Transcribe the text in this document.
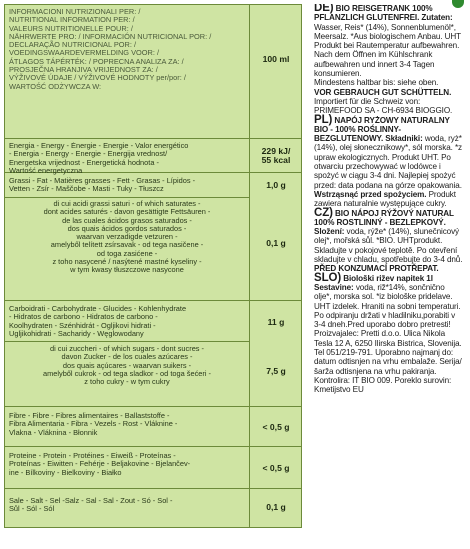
INFORMACIONI NUTRIZIONALI PER: /
NUTRITIONAL INFORMATION PER: /
VALEURS NUTRITIONELLE POUR: /
NÄHRWERTE PRO: / INFORMACIÓN NUTRICIONAL POR: /
DECLARAÇÃO NUTRICIONAL POR: /
VOEDINGSWAARDEVERMELDING VOOR: /
ÁTLAGOS TÁPÉRTÉK: / POPRECNA ANALIZA ZA: /
PROSJEČNA HRANJIVA VRIJEDNOST ZA: /
VÝŽIVOVÉ ÚDAJE / VÝŽIVOVÉ HODNOTY per/por: /
WARTOŚĆ ODŻYWCZA W:
100 ml
Energia - Energy - Énergie - Energie - Valor energético
- Energia - Energy - Energie - Energija vrednost/
Energetska vrijednost - Energetická hodnota -
Wartość energetyczna
229 kJ/
55 kcal
Grassi - Fat - Matières grasses - Fett - Grasas - Lípidos -
Vetten - Zsír - Maščobe - Masti - Tuky - Tłuszcz
di cui acidi grassi saturi - of which saturates -
dont acides saturés - davon gesättigte Fettsäuren -
de las cuales ácidos grasos saturados -
dos quais ácidos gordos saturados -
waarvan verzadigde vetzuren -
amelyből telített zsírsavak - od tega nasičene -
od toga zasićene -
z toho nasycené / nasýtené mastné kyseliny -
w tym kwasy tłuszczowe nasycone
1,0 g
0,1 g
Carboidrati - Carbohydrate - Glucides - Kohlenhydrate
- Hidratos de carbono - Hidratos de carbono -
Koolhydraten - Szénhidrát - Ogljikovi hidrati -
Ugljikohidrati - Sacharidy - Węglowodany
di cui zuccheri - of which sugars - dont sucres -
davon Zucker - de los cuales azúcares -
dos quais açúcares - waarvan suikers -
amelyből cukrok - od tega sladkor - od toga šećeri -
z toho cukry - w tym cukry
11 g
7,5 g
Fibre - Fibre - Fibres alimentaires - Ballaststoffe -
Fibra Alimentaria - Fibra - Vezels - Rost - Vláknine -
Vlakna - Vláknina - Błonnik
< 0,5 g
Proteine - Protein - Protéines - Eiweiß - Proteínas -
Proteínas - Eiwitten - Fehérje - Beljakovine - Bjelančev-
ine - Bílkoviny - Bielkoviny - Białko	< 0,5 g
Sale - Salt - Sel -Salz - Sal - Sal - Zout - Só - Sol -
Sůl - Sól - Sól	0,1 g

DE) BIO REISGETRANK 100% PFLANZLICH GLUTENFREI. Zutaten: Wasser, Reis* (14%), Sonnenblumenöl*, Meersalz. *Aus biologischem Anbau. UHT Produkt bei Rautemperatur aufbewahren. Nach dem Öffnen im Kühlschrank aufbewahren und innert 3-4 Tagen konsumieren.

Mindestens haltbar bis: siehe oben.

VOR GEBRAUCH GUT SCHÜTTELN. Importiert für die Schweiz von: PRIMEFOOD SA - CH-6934 BIOGGIO.

PL) NAPÓJ RYŻOWY NATURALNY BIO - 100% ROŚLINNY- BEZGLUTENOWY. Składniki: woda, ryż* (14%), olej słonecznikowy*, sól morska. *z upraw ekologicznych. Produkt UHT. Po otwarciu przechowywać w lodówce i spożyć w ciągu 3-4 dni. Najlepiej spożyć przed: data podana na górze opakowania. Wstrząsnąć przed spożyciem. Produkt zawiera naturalnie występujące cukry.

CZ) BIO NÁPOJ RÝŽOVÝ NATURAL 100% ROSTLINNÝ - BEZLEPKOVÝ. Složení: voda, rýže* (14%), slunečnicový olej*, mořská sůl. *BIO. UHTprodukt. Skladujte v pokojové teplotě. Po otevření skladujte v chladu, spotřebujte do 3-4 dnů. PŘED KONZUMACÍ PROTŘEPAT.

SLO) Biološki rižev napitek 1l Sestavine: voda, riž*14%, sončnično olje*, morska sol. *iz biološke pridelave. UHT izdelek. Hraniti na sobni temperaturi. Po odpiranju držati v hladilniku,porabiti v 3-4 dneh.Pred uporabo dobro pretresti! Proizvajalec: Pretti d.o.o. Ulica Nikola Tesla 12 A, 6250 Ilirska Bistrica, Slovenija. Tel 051/219-791. Uporabno najmanj do: datum odtisnjen na vrhu embalaže. Serija/šarža odtisnjena na vrhu pakiranja. Kontrolira: IT BIO 009. Poreklo surovin: Kmetijstvo EU
